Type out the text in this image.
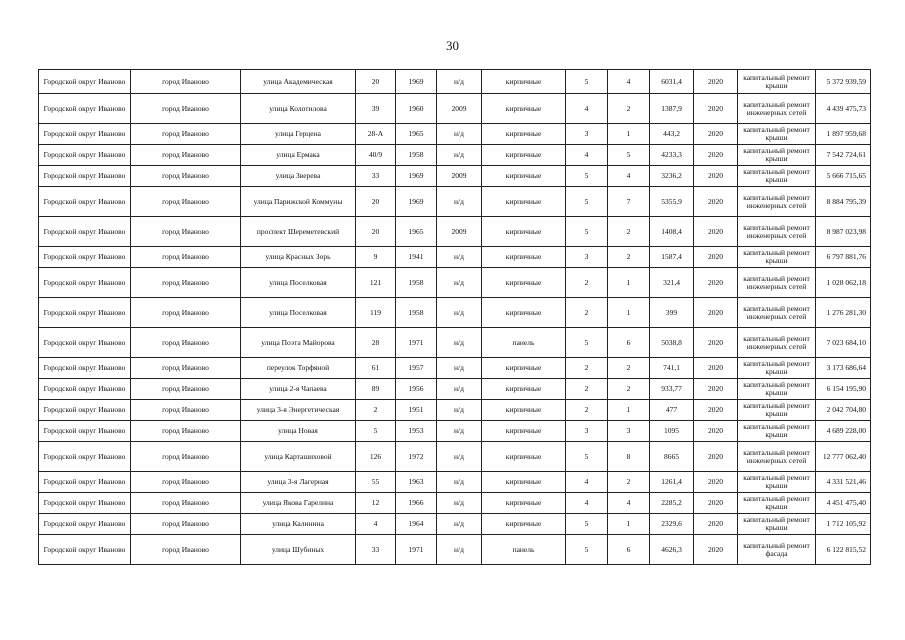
30
Городской округ Иваново	город Иваново	улица Академическая	20	1969	н/д	кирпичные	5	4	6031,4	2020	капитальный ремонт крыши	5 372 939,59
Городской округ Иваново	город Иваново	улица Колотилова	39	1960	2009	кирпичные	4	2	1387,9	2020	капитальный ремонт инженерных сетей	4 439 475,73
Городской округ Иваново	город Иваново	улица Герцена	28-А	1965	н/д	кирпичные	3	1	443,2	2020	капитальный ремонт крыши	1 897 959,68
Городской округ Иваново	город Иваново	улица Ермака	40/9	1958	н/д	кирпичные	4	5	4233,3	2020	капитальный ремонт крыши	7 542 724,61
Городской округ Иваново	город Иваново	улица Зверева	33	1969	2009	кирпичные	5	4	3236,2	2020	капитальный ремонт крыши	5 666 715,65
Городской округ Иваново	город Иваново	улица Парижской Коммуны	20	1969	н/д	кирпичные	5	7	5355,9	2020	капитальный ремонт инженерных сетей	8 884 795,39
Городской округ Иваново	город Иваново	проспект Шереметевский	20	1965	2009	кирпичные	5	2	1408,4	2020	капитальный ремонт инженерных сетей	8 987 023,98
Городской округ Иваново	город Иваново	улица Красных Зорь	9	1941	н/д	кирпичные	3	2	1587,4	2020	капитальный ремонт крыши	6 797 881,76
Городской округ Иваново	город Иваново	улица Поселковая	121	1958	н/д	кирпичные	2	1	321,4	2020	капитальный ремонт инженерных сетей	1 028 062,18
Городской округ Иваново	город Иваново	улица Поселковая	119	1958	н/д	кирпичные	2	1	399	2020	капитальный ремонт инженерных сетей	1 276 281,30
Городской округ Иваново	город Иваново	улица Поэта Майорова	28	1971	н/д	панель	5	6	5038,8	2020	капитальный ремонт инженерных сетей	7 023 684,10
Городской округ Иваново	город Иваново	переулок Торфяной	61	1957	н/д	кирпичные	2	2	741,1	2020	капитальный ремонт крыши	3 173 686,64
Городской округ Иваново	город Иваново	улица 2-я Чапаева	89	1956	н/д	кирпичные	2	2	933,77	2020	капитальный ремонт крыши	6 154 195,90
Городской округ Иваново	город Иваново	улица 3-я Энергетическая	2	1951	н/д	кирпичные	2	1	477	2020	капитальный ремонт крыши	2 042 704,80
Городской округ Иваново	город Иваново	улица Новая	5	1953	н/д	кирпичные	3	3	1095	2020	капитальный ремонт крыши	4 689 228,00
Городской округ Иваново	город Иваново	улица Карташиховой	126	1972	н/д	кирпичные	5	8	8665	2020	капитальный ремонт инженерных сетей	12 777 062,40
Городской округ Иваново	город Иваново	улица 3-я Лагерная	55	1963	н/д	кирпичные	4	2	1261,4	2020	капитальный ремонт крыши	4 331 521,46
Городской округ Иваново	город Иваново	улица Якова Гарелина	12	1966	н/д	кирпичные	4	4	2285,2	2020	капитальный ремонт крыши	4 451 475,40
Городской округ Иваново	город Иваново	улица Калинина	4	1964	н/д	кирпичные	5	1	2329,6	2020	капитальный ремонт крыши	1 712 105,92
Городской округ Иваново	город Иваново	улица Шубиных	33	1971	н/д	панель	5	6	4626,3	2020	капитальный ремонт фасада	6 122 815,52
